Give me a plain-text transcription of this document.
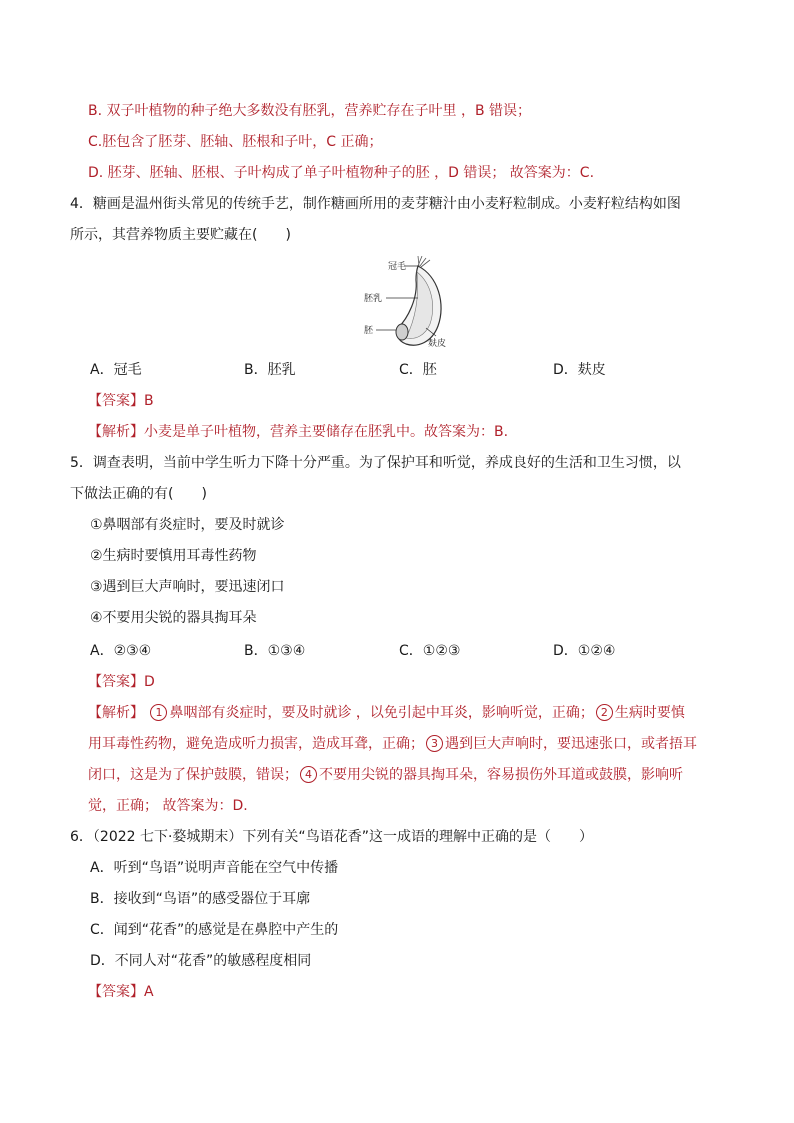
B. 双子叶植物的种子绝大多数没有胚乳，营养贮存在子叶里 ，B 错误；
C.胚包含了胚芽、胚轴、胚根和子叶，C 正确；
D. 胚芽、胚轴、胚根、子叶构成了单子叶植物种子的胚 ，D 错误； 故答案为：C.
4．糖画是温州街头常见的传统手艺，制作糖画所用的麦芽糖汁由小麦籽粒制成。小麦籽粒结构如图
所示，其营养物质主要贮藏在(　　)
冠毛
胚乳
胚
麸皮
A．冠毛	B．胚乳	C．胚	D．麸皮
【答案】B
【解析】小麦是单子叶植物，营养主要储存在胚乳中。故答案为：B.
5．调查表明，当前中学生听力下降十分严重。为了保护耳和听觉，养成良好的生活和卫生习惯，以
下做法正确的有(　　)
①鼻咽部有炎症时，要及时就诊
②生病时要慎用耳毒性药物
③遇到巨大声响时，要迅速闭口
④不要用尖锐的器具掏耳朵
A．②③④	B．①③④	C．①②③	D．①②④
【答案】D
【解析】 1 鼻咽部有炎症时，要及时就诊 ，以免引起中耳炎，影响听觉，正确； 2 生病时要慎
用耳毒性药物，避免造成听力损害，造成耳聋，正确； 3 遇到巨大声响时，要迅速张口，或者捂耳
闭口，这是为了保护鼓膜，错误； 4 不要用尖锐的器具掏耳朵，容易损伤外耳道或鼓膜，影响听
觉，正确； 故答案为：D.
6．（2022 七下·婺城期末）下列有关“鸟语花香”这一成语的理解中正确的是（　　）
A．听到“鸟语”说明声音能在空气中传播
B．接收到“鸟语”的感受器位于耳廓
C．闻到“花香”的感觉是在鼻腔中产生的
D．不同人对“花香”的敏感程度相同
【答案】A
